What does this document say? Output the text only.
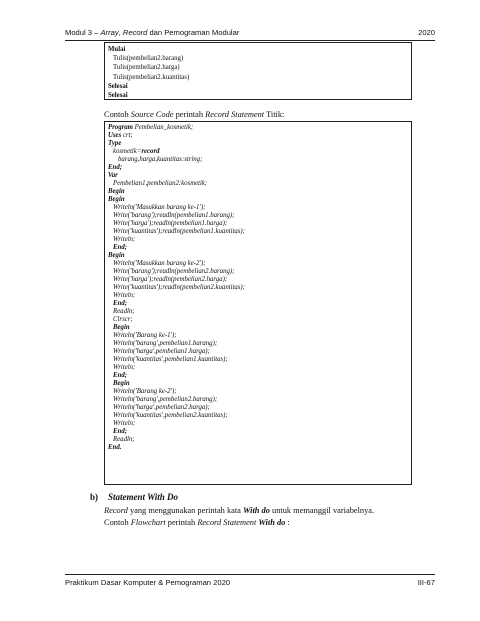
Modul 3 – Array, Record dan Pemograman Modular	2020
Mulai
Tulis(pembelian2.barang)
Tulis(pembelian2.harga)
Tulis(pembelian2.kuantitas)
Selesai
Selesai
Contoh Source Code perintah Record Statement Titik:
Program Pembelian_kosmetik;
Uses crt;
Type
kosmetik=record
barang,harga,kuantitas:string;
End;
Var
Pembelian1,pembelian2:kosmetik;
Begin
Begin
Writeln('Masukkan barang ke-1');
Write('barang');readln(pembelian1.barang);
Write('harga');readln(pembelian1.harga);
Write('kuantitas');readln(pembelian1.kuantitas);
Writeln;
End;
Begin
Writeln('Masukkan barang ke-2');
Write('barang');readln(pembelian2.barang);
Write('harga');readln(pembelian2.harga);
Write('kuantitas');readln(pembelian2.kuantitas);
Writeln;
End;
Readln;
Clrscr;
Begin
Writeln('Barang ke-1');
Writeln('barang',pembelian1.barang);
Writeln('harga',pembelian1.harga);
Writeln('kuantitas',pembelian1.kuantitas);
Writeln;
End;
Begin
Writeln('Barang ke-2');
Writeln('barang',pembelian2.barang);
Writeln('harga',pembelian2.harga);
Writeln('kuantitas',pembelian2.kuantitas);
Writeln;
End;
Readln;
End.
b) Statement With Do
Record yang menggunakan perintah kata With do untuk memanggil variabelnya.
Contoh Flowchart perintah Record Statement With do :
Praktikum Dasar Komputer & Pemograman 2020	III-67
